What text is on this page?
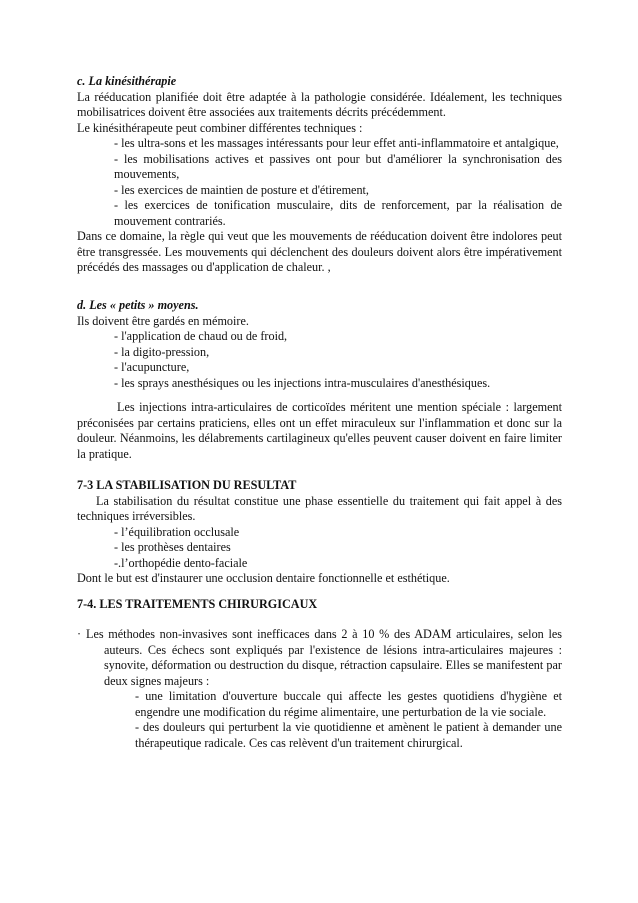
c. La kinésithérapie

La rééducation planifiée doit être adaptée à la pathologie considérée. Idéalement, les techniques mobilisatrices doivent être associées aux traitements décrits précédemment.

Le kinésithérapeute peut combiner différentes techniques :

- les ultra-sons et les massages intéressants pour leur effet anti-inflammatoire et antalgique,

- les mobilisations actives et passives ont pour but d'améliorer la synchronisation des mouvements,

- les exercices de maintien de posture et d'étirement,

- les exercices de tonification musculaire, dits de renforcement, par la réalisation de mouvement contrariés.

Dans ce domaine, la règle qui veut que les mouvements de rééducation doivent être indolores peut être transgressée. Les mouvements qui déclenchent des douleurs doivent alors être impérativement précédés des massages ou d'application de chaleur. ,

d. Les « petits » moyens.

Ils doivent être gardés en mémoire.

- l'application de chaud ou de froid,

- la digito-pression,

- l'acupuncture,

- les sprays anesthésiques ou les injections intra-musculaires d'anesthésiques.

Les injections intra-articulaires de corticoïdes méritent une mention spéciale : largement préconisées par certains praticiens, elles ont un effet miraculeux sur l'inflammation et donc sur la douleur. Néanmoins, les délabrements cartilagineux qu'elles peuvent causer doivent en faire limiter la pratique.

7-3 LA STABILISATION DU RESULTAT

La stabilisation du résultat constitue une phase essentielle du traitement qui fait appel à des techniques irréversibles.

- l’équilibration occlusale

- les prothèses dentaires

-.l’orthopédie dento-faciale

Dont le but est d'instaurer une occlusion dentaire fonctionnelle et esthétique.

7-4. LES TRAITEMENTS CHIRURGICAUX

· Les méthodes non-invasives sont inefficaces dans 2 à 10 % des ADAM articulaires, selon les auteurs. Ces échecs sont expliqués par l'existence de lésions intra-articulaires majeures : synovite, déformation ou destruction du disque, rétraction capsulaire. Elles se manifestent par deux signes majeurs :

- une limitation d'ouverture buccale qui affecte les gestes quotidiens d'hygiène et engendre une modification du régime alimentaire, une perturbation de la vie sociale.

- des douleurs qui perturbent la vie quotidienne et amènent le patient à demander une thérapeutique radicale. Ces cas relèvent d'un traitement chirurgical.
